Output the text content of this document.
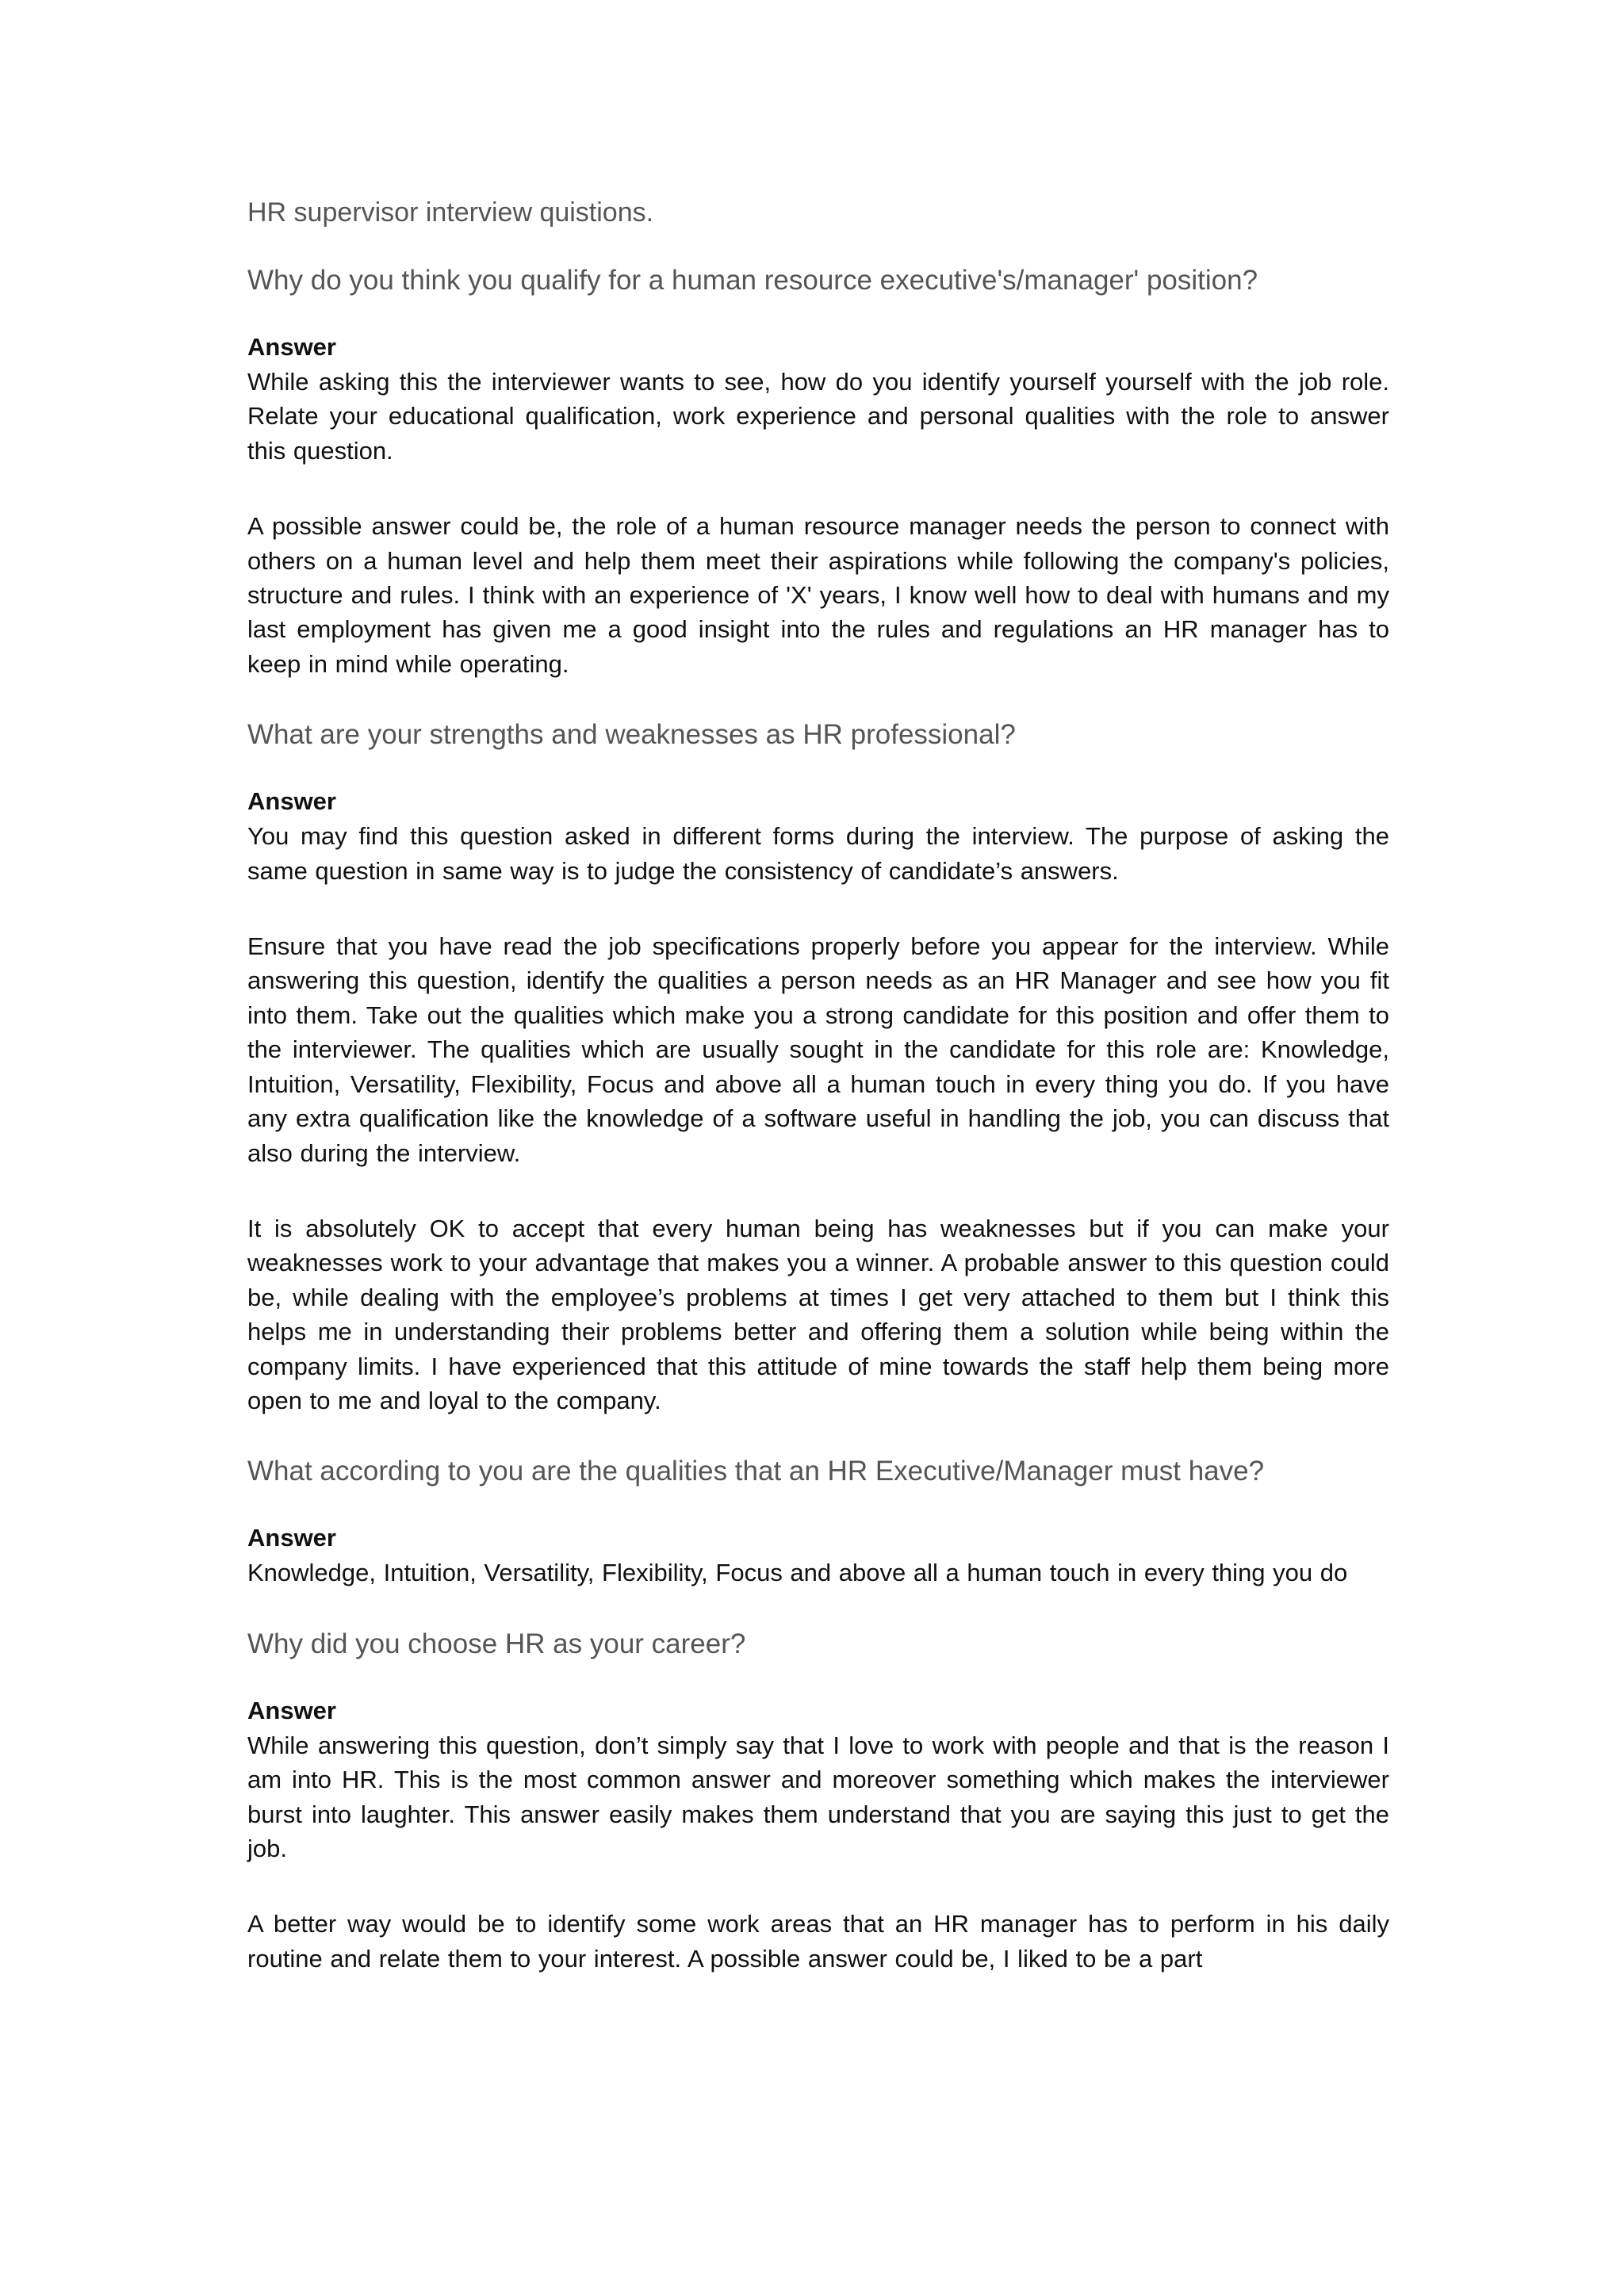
HR supervisor interview quistions.
Why do you think you qualify for a human resource executive's/manager' position?
Answer

While asking this the interviewer wants to see, how do you identify yourself yourself with the job role. Relate your educational qualification, work experience and personal qualities with the role to answer this question.

A possible answer could be, the role of a human resource manager needs the person to connect with others on a human level and help them meet their aspirations while following the company's policies, structure and rules. I think with an experience of 'X' years, I know well how to deal with humans and my last employment has given me a good insight into the rules and regulations an HR manager has to keep in mind while operating.

What are your strengths and weaknesses as HR professional?
Answer

You may find this question asked in different forms during the interview. The purpose of asking the same question in same way is to judge the consistency of candidate’s answers.

Ensure that you have read the job specifications properly before you appear for the interview. While answering this question, identify the qualities a person needs as an HR Manager and see how you fit into them. Take out the qualities which make you a strong candidate for this position and offer them to the interviewer. The qualities which are usually sought in the candidate for this role are: Knowledge, Intuition, Versatility, Flexibility, Focus and above all a human touch in every thing you do. If you have any extra qualification like the knowledge of a software useful in handling the job, you can discuss that also during the interview.

It is absolutely OK to accept that every human being has weaknesses but if you can make your weaknesses work to your advantage that makes you a winner. A probable answer to this question could be, while dealing with the employee’s problems at times I get very attached to them but I think this helps me in understanding their problems better and offering them a solution while being within the company limits. I have experienced that this attitude of mine towards the staff help them being more open to me and loyal to the company.

What according to you are the qualities that an HR Executive/Manager must have?
Answer

Knowledge, Intuition, Versatility, Flexibility, Focus and above all a human touch in every thing you do

Why did you choose HR as your career?
Answer

While answering this question, don’t simply say that I love to work with people and that is the reason I am into HR. This is the most common answer and moreover something which makes the interviewer burst into laughter. This answer easily makes them understand that you are saying this just to get the job.

A better way would be to identify some work areas that an HR manager has to perform in his daily routine and relate them to your interest. A possible answer could be, I liked to be a part
